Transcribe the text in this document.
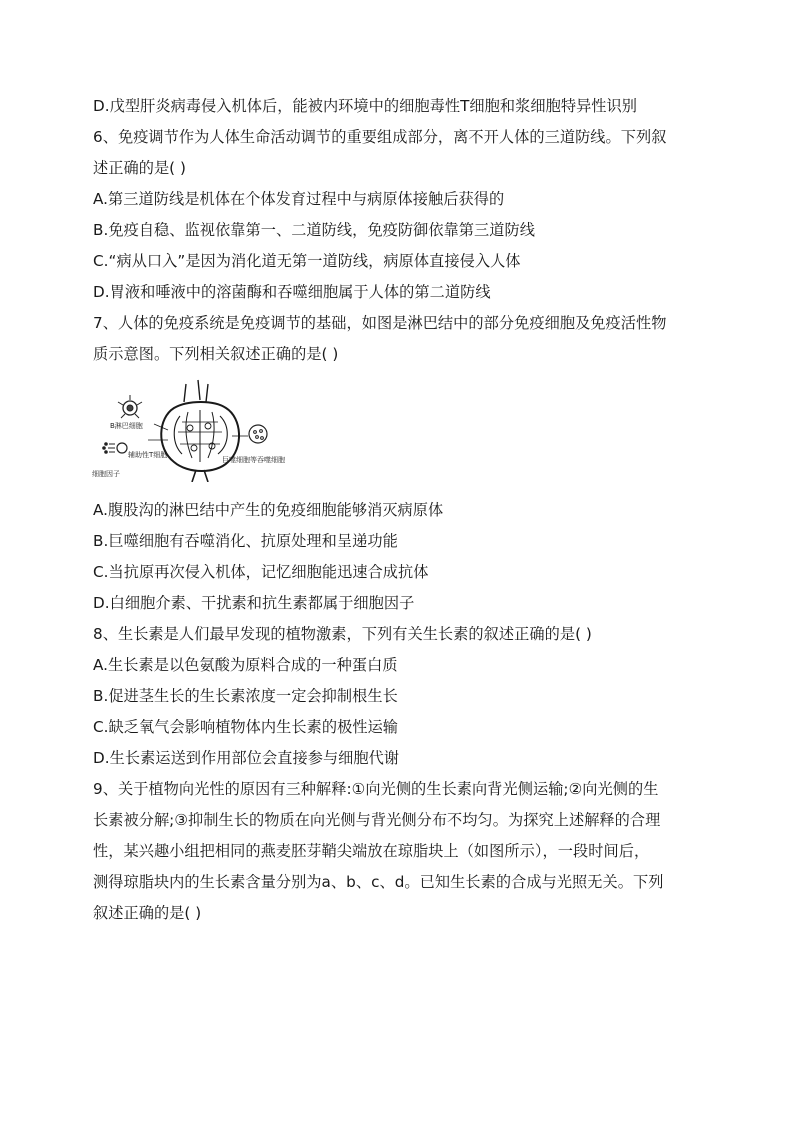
D.戊型肝炎病毒侵入机体后，能被内环境中的细胞毒性T细胞和浆细胞特异性识别
6、免疫调节作为人体生命活动调节的重要组成部分，离不开人体的三道防线。下列叙
述正确的是( )
A.第三道防线是机体在个体发育过程中与病原体接触后获得的
B.免疫自稳、监视依靠第一、二道防线，免疫防御依靠第三道防线
C.“病从口入”是因为消化道无第一道防线，病原体直接侵入人体
D.胃液和唾液中的溶菌酶和吞噬细胞属于人体的第二道防线
7、人体的免疫系统是免疫调节的基础，如图是淋巴结中的部分免疫细胞及免疫活性物
质示意图。下列相关叙述正确的是( )
B淋巴细胞
辅助性T细胞
细胞因子
巨噬细胞等吞噬细胞
A.腹股沟的淋巴结中产生的免疫细胞能够消灭病原体
B.巨噬细胞有吞噬消化、抗原处理和呈递功能
C.当抗原再次侵入机体，记忆细胞能迅速合成抗体
D.白细胞介素、干扰素和抗生素都属于细胞因子
8、生长素是人们最早发现的植物激素，下列有关生长素的叙述正确的是( )
A.生长素是以色氨酸为原料合成的一种蛋白质
B.促进茎生长的生长素浓度一定会抑制根生长
C.缺乏氧气会影响植物体内生长素的极性运输
D.生长素运送到作用部位会直接参与细胞代谢
9、关于植物向光性的原因有三种解释:①向光侧的生长素向背光侧运输;②向光侧的生
长素被分解;③抑制生长的物质在向光侧与背光侧分布不均匀。为探究上述解释的合理
性，某兴趣小组把相同的燕麦胚芽鞘尖端放在琼脂块上（如图所示），一段时间后，
测得琼脂块内的生长素含量分别为a、b、c、d。已知生长素的合成与光照无关。下列
叙述正确的是( )
